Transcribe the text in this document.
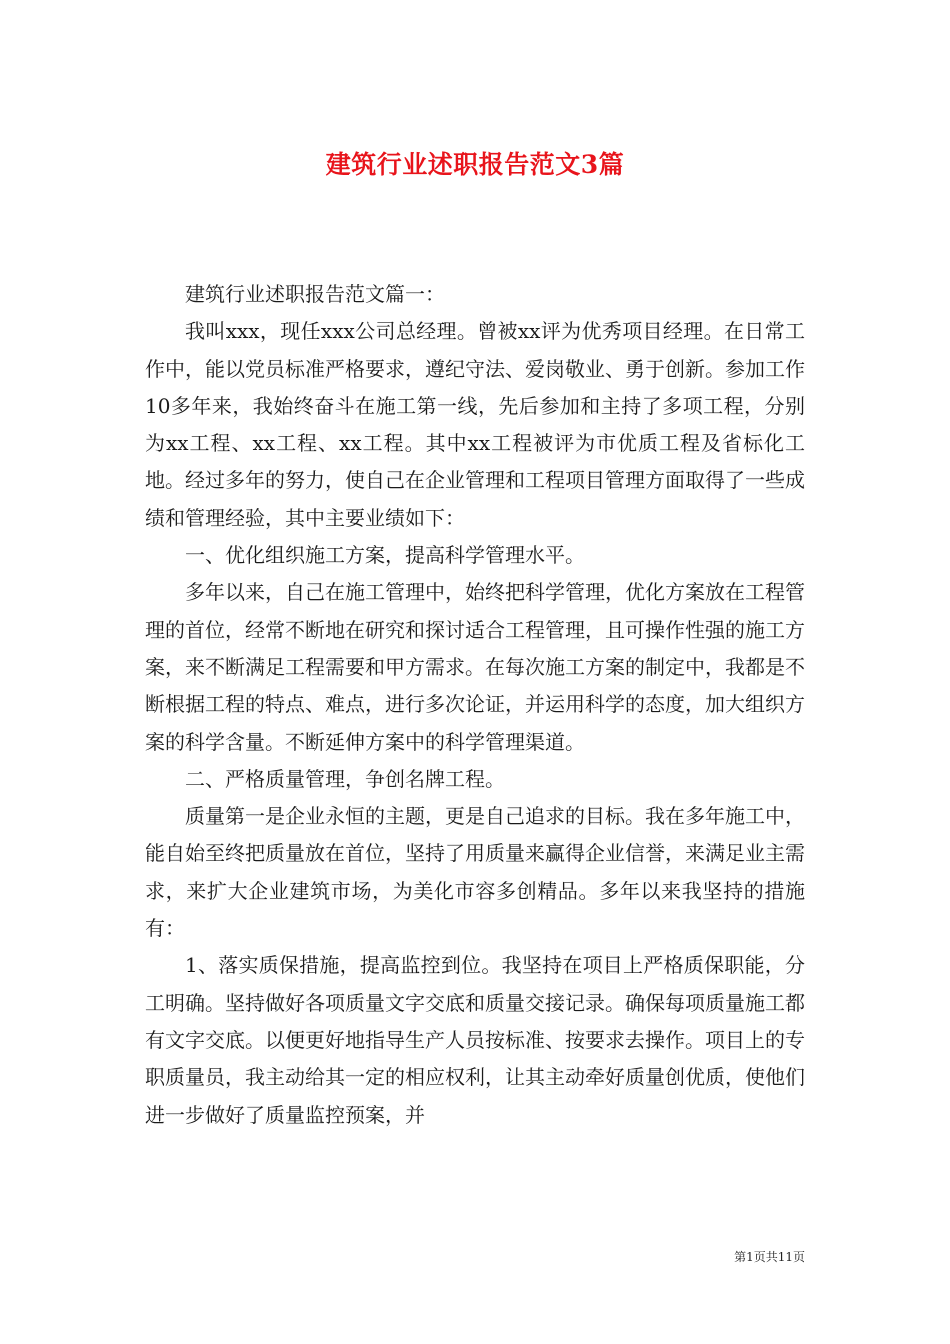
建筑行业述职报告范文3篇

建筑行业述职报告范文篇一：

我叫xxx，现任xxx公司总经理。曾被xx评为优秀项目经理。在日常工作中，能以党员标准严格要求，遵纪守法、爱岗敬业、勇于创新。参加工作10多年来，我始终奋斗在施工第一线，先后参加和主持了多项工程，分别为xx工程、xx工程、xx工程。其中xx工程被评为市优质工程及省标化工地。经过多年的努力，使自己在企业管理和工程项目管理方面取得了一些成绩和管理经验，其中主要业绩如下：

一、优化组织施工方案，提高科学管理水平。

多年以来，自己在施工管理中，始终把科学管理，优化方案放在工程管理的首位，经常不断地在研究和探讨适合工程管理，且可操作性强的施工方案，来不断满足工程需要和甲方需求。在每次施工方案的制定中，我都是不断根据工程的特点、难点，进行多次论证，并运用科学的态度，加大组织方案的科学含量。不断延伸方案中的科学管理渠道。

二、严格质量管理，争创名牌工程。

质量第一是企业永恒的主题，更是自己追求的目标。我在多年施工中，能自始至终把质量放在首位，坚持了用质量来赢得企业信誉，来满足业主需求，来扩大企业建筑市场，为美化市容多创精品。多年以来我坚持的措施有：

1、落实质保措施，提高监控到位。我坚持在项目上严格质保职能，分工明确。坚持做好各项质量文字交底和质量交接记录。确保每项质量施工都有文字交底。以便更好地指导生产人员按标准、按要求去操作。项目上的专职质量员，我主动给其一定的相应权利，让其主动牵好质量创优质，使他们进一步做好了质量监控预案，并

第1页共11页
